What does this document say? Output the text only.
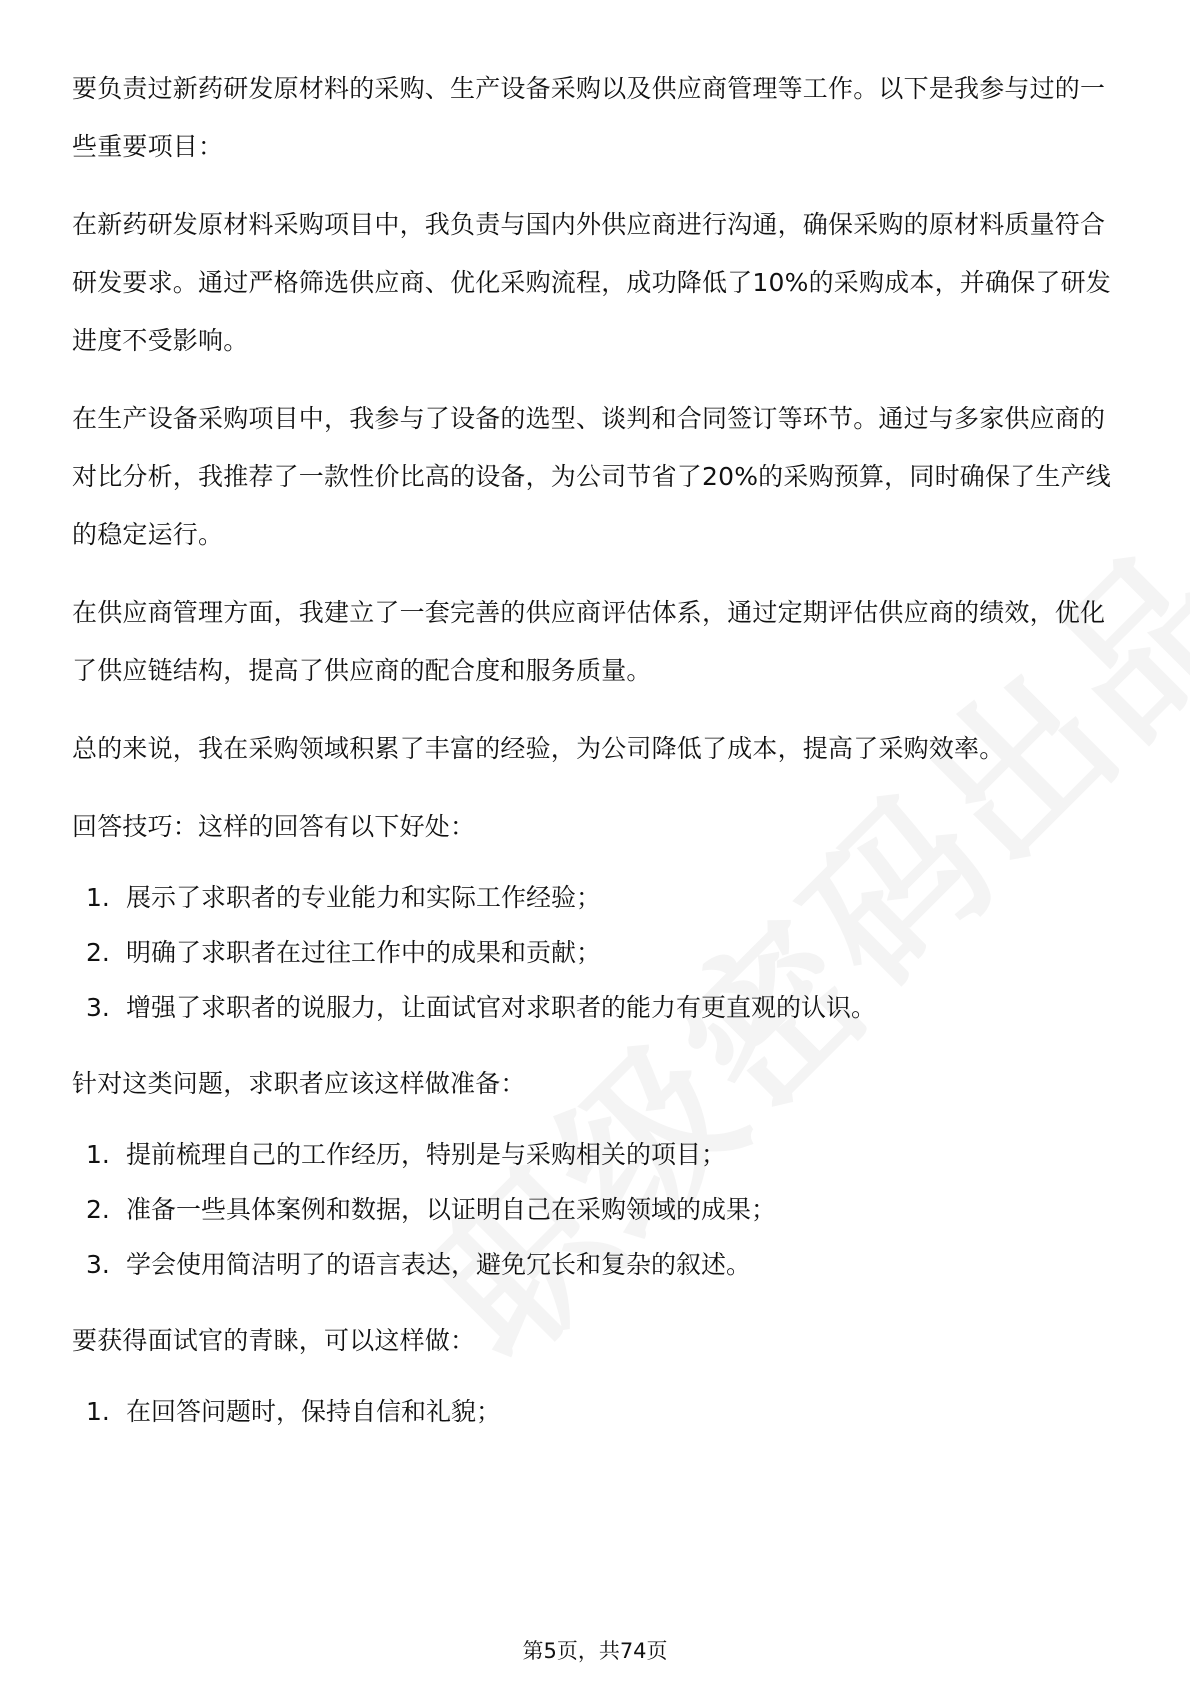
要负责过新药研发原材料的采购、生产设备采购以及供应商管理等工作。以下是我参与过的一些重要项目：

在新药研发原材料采购项目中，我负责与国内外供应商进行沟通，确保采购的原材料质量符合研发要求。通过严格筛选供应商、优化采购流程，成功降低了10%的采购成本，并确保了研发进度不受影响。

在生产设备采购项目中，我参与了设备的选型、谈判和合同签订等环节。通过与多家供应商的对比分析，我推荐了一款性价比高的设备，为公司节省了20%的采购预算，同时确保了生产线的稳定运行。

在供应商管理方面，我建立了一套完善的供应商评估体系，通过定期评估供应商的绩效，优化了供应链结构，提高了供应商的配合度和服务质量。

总的来说，我在采购领域积累了丰富的经验，为公司降低了成本，提高了采购效率。

回答技巧：这样的回答有以下好处：

1. 展示了求职者的专业能力和实际工作经验；
2. 明确了求职者在过往工作中的成果和贡献；
3. 增强了求职者的说服力，让面试官对求职者的能力有更直观的认识。

针对这类问题，求职者应该这样做准备：

1. 提前梳理自己的工作经历，特别是与采购相关的项目；
2. 准备一些具体案例和数据，以证明自己在采购领域的成果；
3. 学会使用简洁明了的语言表达，避免冗长和复杂的叙述。

要获得面试官的青睐，可以这样做：

1. 在回答问题时，保持自信和礼貌；
第5页，共74页
